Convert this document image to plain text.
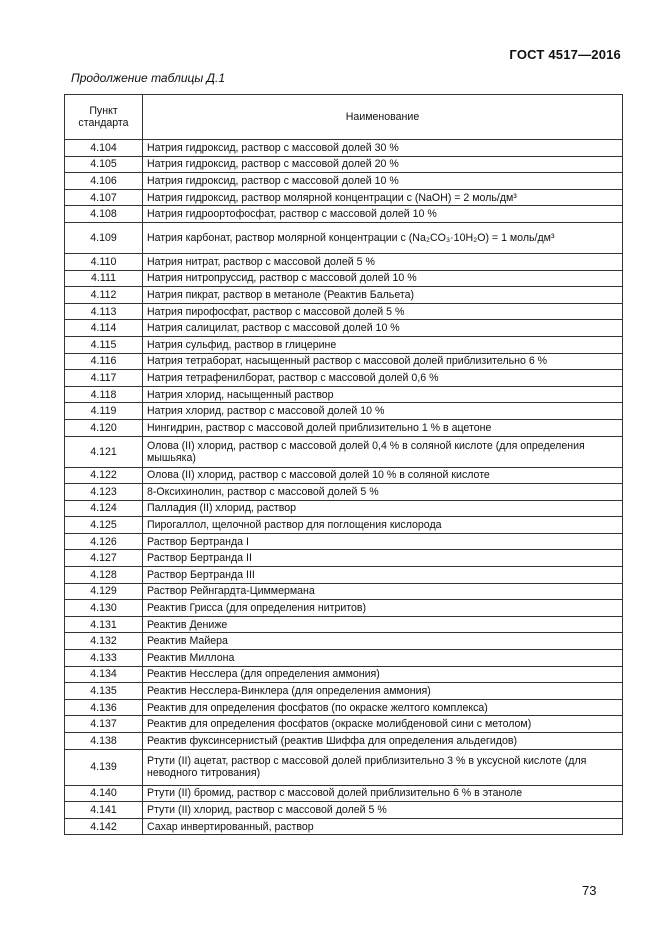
ГОСТ 4517—2016
Продолжение таблицы Д.1
Пункт стандарта	Наименование
4.104	Натрия гидроксид, раствор с массовой долей 30 %
4.105	Натрия гидроксид, раствор с массовой долей 20 %
4.106	Натрия гидроксид, раствор с массовой долей 10 %
4.107	Натрия гидроксид, раствор молярной концентрации c (NaOH) = 2 моль/дм³
4.108	Натрия гидроортофосфат, раствор с массовой долей 10 %
4.109	Натрия карбонат, раствор молярной концентрации c (Na₂CO₃·10H₂O) = 1 моль/дм³
4.110	Натрия нитрат, раствор с массовой долей 5 %
4.111	Натрия нитропруссид, раствор с массовой долей 10 %
4.112	Натрия пикрат, раствор в метаноле (Реактив Бальета)
4.113	Натрия пирофосфат, раствор с массовой долей 5 %
4.114	Натрия салицилат, раствор с массовой долей 10 %
4.115	Натрия сульфид, раствор в глицерине
4.116	Натрия тетраборат, насыщенный раствор с массовой долей приблизительно 6 %
4.117	Натрия тетрафенилборат, раствор с массовой долей 0,6 %
4.118	Натрия хлорид, насыщенный раствор
4.119	Натрия хлорид, раствор с массовой долей 10 %
4.120	Нингидрин, раствор с массовой долей приблизительно 1 % в ацетоне
4.121	Олова (II) хлорид, раствор с массовой долей 0,4 % в соляной кислоте (для определения мышьяка)
4.122	Олова (II) хлорид, раствор с массовой долей 10 % в соляной кислоте
4.123	8-Оксихинолин, раствор с массовой долей 5 %
4.124	Палладия (II) хлорид, раствор
4.125	Пирогаллол, щелочной раствор для поглощения кислорода
4.126	Раствор Бертранда I
4.127	Раствор Бертранда II
4.128	Раствор Бертранда III
4.129	Раствор Рейнгардта-Циммермана
4.130	Реактив Грисса (для определения нитритов)
4.131	Реактив Дениже
4.132	Реактив Майера
4.133	Реактив Миллона
4.134	Реактив Несслера (для определения аммония)
4.135	Реактив Несслера-Винклера (для определения аммония)
4.136	Реактив для определения фосфатов (по окраске желтого комплекса)
4.137	Реактив для определения фосфатов (окраске молибденовой сини с метолом)
4.138	Реактив фуксинсернистый (реактив Шиффа для определения альдегидов)
4.139	Ртути (II) ацетат, раствор с массовой долей приблизительно 3 % в уксусной кислоте (для неводного титрования)
4.140	Ртути (II) бромид, раствор с массовой долей приблизительно 6 % в этаноле
4.141	Ртути (II) хлорид, раствор с массовой долей 5 %
4.142	Сахар инвертированный, раствор
73
